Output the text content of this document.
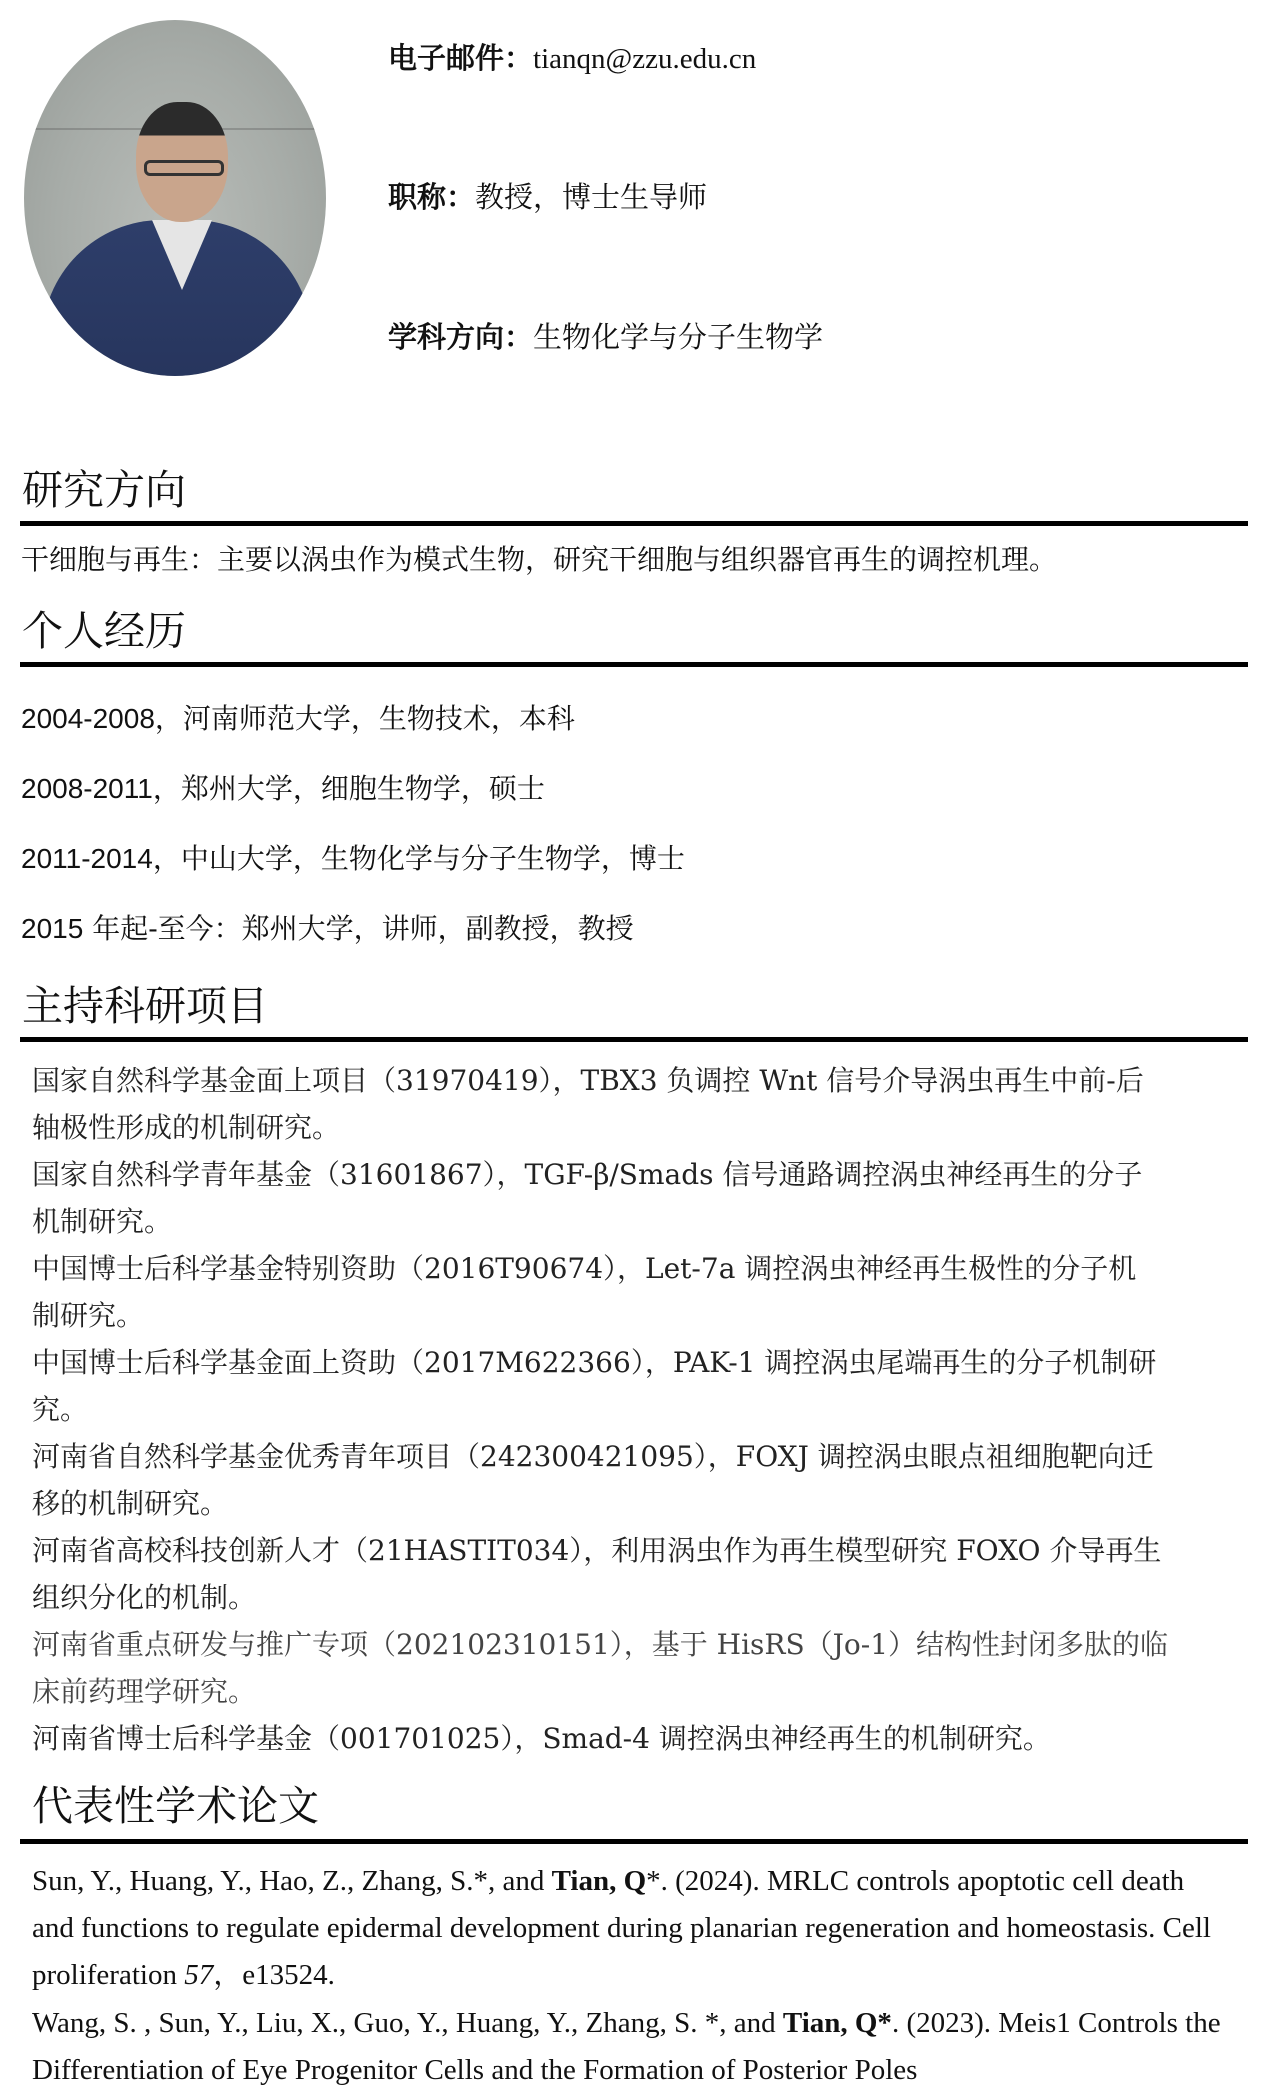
电子邮件：tianqn@zzu.edu.cn
职称：教授，博士生导师
学科方向：生物化学与分子生物学
研究方向
干细胞与再生：主要以涡虫作为模式生物，研究干细胞与组织器官再生的调控机理。
个人经历
2004-2008，河南师范大学，生物技术，本科
2008-2011，郑州大学，细胞生物学，硕士
2011-2014，中山大学，生物化学与分子生物学，博士
2015 年起-至今：郑州大学，讲师，副教授，教授
主持科研项目
国家自然科学基金面上项目（31970419），TBX3 负调控 Wnt 信号介导涡虫再生中前-后
轴极性形成的机制研究。
国家自然科学青年基金（31601867），TGF-β/Smads 信号通路调控涡虫神经再生的分子
机制研究。
中国博士后科学基金特别资助（2016T90674），Let-7a 调控涡虫神经再生极性的分子机
制研究。
中国博士后科学基金面上资助（2017M622366），PAK-1 调控涡虫尾端再生的分子机制研
究。
河南省自然科学基金优秀青年项目（242300421095），FOXJ 调控涡虫眼点祖细胞靶向迁
移的机制研究。
河南省高校科技创新人才（21HASTIT034），利用涡虫作为再生模型研究 FOXO 介导再生
组织分化的机制。
河南省重点研发与推广专项（202102310151），基于 HisRS（Jo-1）结构性封闭多肽的临
床前药理学研究。
河南省博士后科学基金（001701025），Smad-4 调控涡虫神经再生的机制研究。
代表性学术论文
Sun, Y., Huang, Y., Hao, Z., Zhang, S.*, and Tian, Q*. (2024). MRLC controls apoptotic cell death and functions to regulate epidermal development during planarian regeneration and homeostasis. Cell proliferation 57，e13524.
Wang, S. , Sun, Y., Liu, X., Guo, Y., Huang, Y., Zhang, S. *, and Tian, Q*. (2023). Meis1 Controls the Differentiation of Eye Progenitor Cells and the Formation of Posterior Poles
